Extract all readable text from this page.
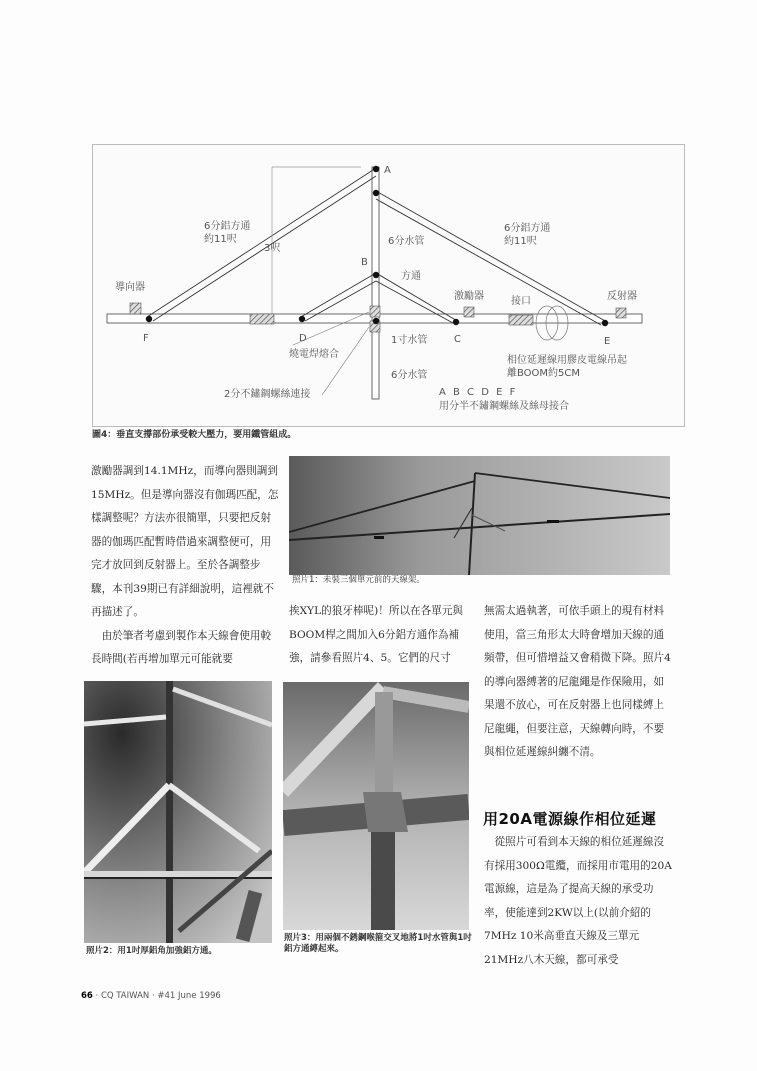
A
B
C
D	E
F
6分鋁方通
約11呎
6分鋁方通
約11呎
3呎
6分水管
方通
導向器
激勵器	接口	反射器
燒電焊熔合
1寸水管
6分水管
2分不鏽鋼螺絲連接
相位延遲線用膠皮電線吊起
離BOOM約5CM
A B C D E F
用分半不鏽鋼螺絲及絲母接合
圖4：垂直支撐部份承受較大壓力，要用鐵管組成。

激勵器調到14.1MHz，而導向器則調到15MHz。但是導向器沒有伽瑪匹配，怎樣調整呢？方法亦很簡單，只要把反射器的伽瑪匹配暫時借過來調整便可，用完才放回到反射器上。至於各調整步驟，本刊39期已有詳細說明，這裡就不再描述了。

由於筆者考慮到製作本天線會使用較長時間(若再增加單元可能就要

照片1：未裝三個單元前的天線架。

挨XYL的狼牙棒呢)！所以在各單元與BOOM桿之間加入6分鋁方通作為補強，請參看照片4、5。它們的尺寸

無需太過執著，可依手頭上的現有材料使用，當三角形太大時會增加天線的通頻帶，但可惜增益又會稍微下降。照片4的導向器縛著的尼龍繩是作保險用，如果還不放心，可在反射器上也同樣縛上尼龍繩，但要注意，天線轉向時，不要與相位延遲線糾纏不清。

用20A電源線作相位延遲

從照片可看到本天線的相位延遲線沒有採用300Ω電纜，而採用市電用的20A電源線，這是為了提高天線的承受功率，使能達到2KW以上(以前介紹的7MHz 10米高垂直天線及三單元21MHz八木天線，都可承受

照片2：用1吋厚鋁角加強鋁方通。
照片3：用兩個不銹鋼喉箍交叉地將1吋水管與1吋鋁方通縛起來。
66 · CQ TAIWAN · #41 June 1996
